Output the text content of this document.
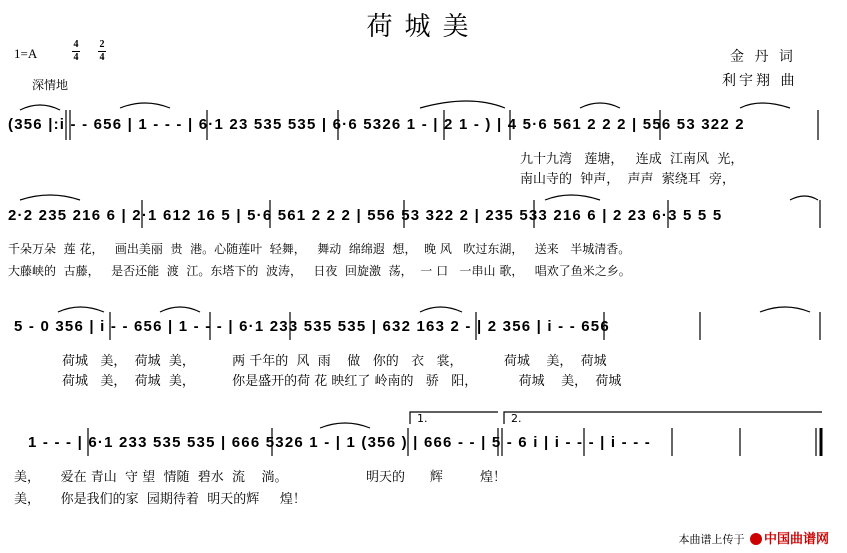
荷城美
1=A
4
4
2
4
深情地
金 丹 词
利宇翔 曲
1.	2.
(356 |:i - - 656 | 1 - - - | 6·1 23 535 535 | 6·6 5326 1 - | 2 1 - ) | 4 5·6 561 2 2 2 | 556 53 322 2
九十九湾   莲塘，   连成  江南风  光，
南山寺的  钟声，  声声  萦绕耳  旁，
2·2 235 216 6 | 2·1 612 16 5 | 5·6 561 2 2 2 | 556 53 322 2 | 235 533 216 6 | 2 23 6·3 5 5 5
千朵万朵  莲 花，   画出美丽  贵  港。心随莲叶  轻舞，   舞动  绵绵遐  想，  晚 风   吹过东湖，   送来   半城清香。
大藤峡的  古藤，   是否还能  渡  江。东塔下的  波涛，   日夜  回旋激  荡，  一 口   一串山 歌，   唱欢了鱼米之乡。
5 - 0 356 | i - - 656 | 1 - - - | 6·1 233 535 535 | 632 163 2 - | 2 356 | i - - 656
荷城   美，  荷城  美，         两 千年的  风  雨    做   你的   衣   裳，          荷城    美，  荷城
荷城   美，  荷城  美，         你是盛开的荷 花 映红了 岭南的   骄   阳，          荷城    美，  荷城
1 - - - | 6·1 233 535 535 | 666 5326 1 - | 1 (356 ) | 666 - - | 5 - 6 i | i - - - | i - - -
美，     爱在 青山  守 望  情随  碧水  流    淌。                   明天的      辉         煌！
美，     你是我们的家  园期待着  明天的辉     煌！
本曲谱上传于 中国曲谱网
